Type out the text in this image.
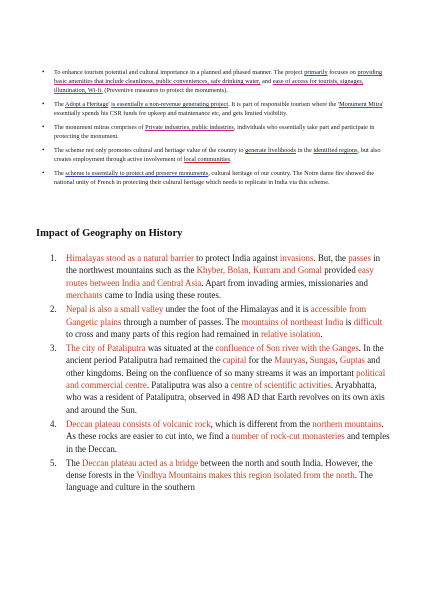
• To enhance tourism potential and cultural importance in a planned and phased manner. The project primarily focuses on providing basic amenities that include cleanliness, public conveniences, safe drinking water, and ease of access for tourists, signages, illumination, Wi-fi. (Preventive measures to protect the monuments).
• The Adopt a Heritage' is essentially a non-revenue generating project. It is part of responsible tourism where the 'Monument Mitra' essentially spends his CSR funds for upkeep and maintenance etc, and gets limited visibility.
• The monument mitras comprises of Private industries, public industries, individuals who essentially take part and participate in protecting the monument.
• The scheme not only promotes cultural and heritage value of the country to generate livelihoods in the identified regions, but also creates employment through active involvement of local communities.
• The scheme is essentially to protect and preserve monuments, cultural heritage of our country. The Notre dame fire showed the national unity of French in protecting their cultural heritage which needs to replicate in India via this scheme.
Impact of Geography on History
1. Himalayas stood as a natural barrier to protect India against invasions. But, the passes in the northwest mountains such as the Khyber, Bolan, Kurram and Gomal provided easy routes between India and Central Asia. Apart from invading armies, missionaries and merchants came to India using these routes.
2. Nepal is also a small valley under the foot of the Himalayas and it is accessible from Gangetic plains through a number of passes. The mountains of northeast India is difficult to cross and many parts of this region had remained in relative isolation.
3. The city of Pataliputra was situated at the confluence of Son river with the Ganges. In the ancient period Pataliputra had remained the capital for the Mauryas, Sungas, Guptas and other kingdoms. Being on the confluence of so many streams it was an important political and commercial centre. Pataliputra was also a centre of scientific activities. Aryabhatta, who was a resident of Pataliputra, observed in 498 AD that Earth revolves on its own axis and around the Sun.
4. Deccan plateau consists of volcanic rock, which is different from the northern mountains. As these rocks are easier to cut into, we find a number of rock-cut monasteries and temples in the Deccan.
5. The Deccan plateau acted as a bridge between the north and south India. However, the dense forests in the Vindhya Mountains makes this region isolated from the north. The language and culture in the southern
